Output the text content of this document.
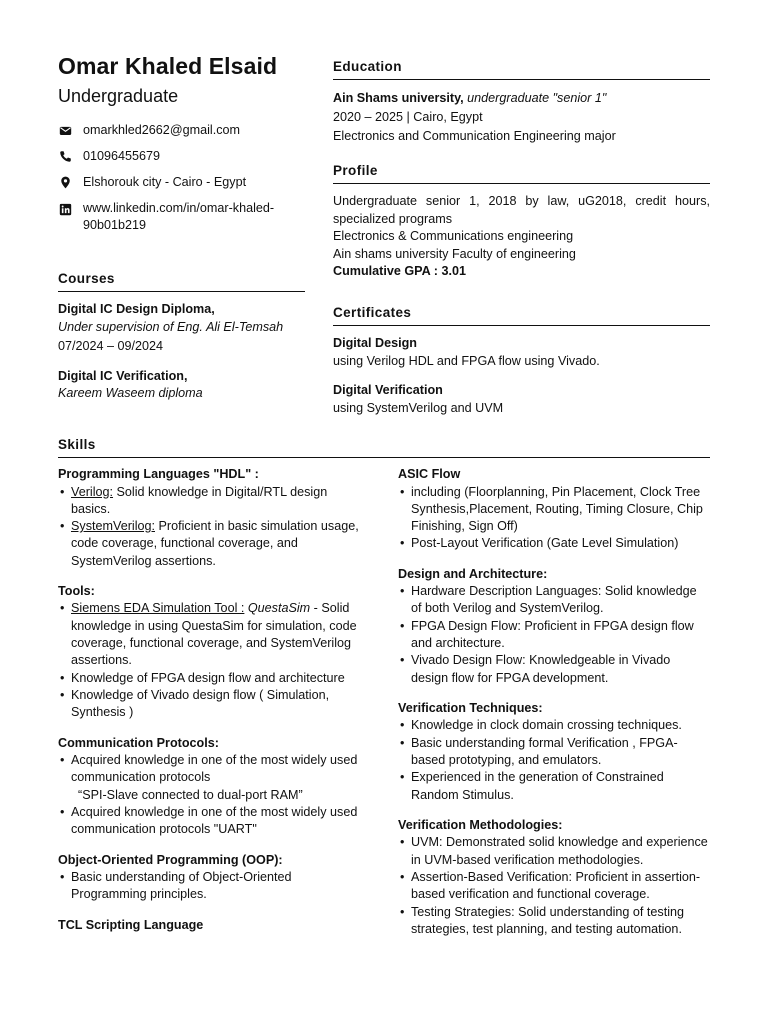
Omar Khaled Elsaid
Undergraduate
omarkhled2662@gmail.com
01096455679
Elshorouk city - Cairo - Egypt
www.linkedin.com/in/omar-khaled-
90b01b219
Courses
Digital IC Design Diploma,
Under supervision of Eng. Ali El-Temsah
07/2024 – 09/2024
Digital IC Verification,
Kareem Waseem diploma
Education
Ain Shams university, undergraduate "senior 1"
2020 – 2025 | Cairo, Egypt
Electronics and Communication Engineering major
Profile
Undergraduate senior 1, 2018 by law, uG2018, credit hours, specialized programs
Electronics & Communications engineering
Ain shams university Faculty of engineering
Cumulative GPA : 3.01
Certificates
Digital Design
using Verilog HDL and FPGA flow using Vivado.
Digital Verification
using SystemVerilog and UVM
Skills
Programming Languages "HDL" :
• Verilog: Solid knowledge in Digital/RTL design basics.
• SystemVerilog: Proficient in basic simulation usage, code coverage, functional coverage, and SystemVerilog assertions.
Tools:
• Siemens EDA Simulation Tool : QuestaSim - Solid knowledge in using QuestaSim for simulation, code coverage, functional coverage, and SystemVerilog assertions.
• Knowledge of FPGA design flow and architecture
• Knowledge of Vivado design flow ( Simulation, Synthesis )
Communication Protocols:
• Acquired knowledge in one of the most widely used communication protocols
“SPI-Slave connected to dual-port RAM”
• Acquired knowledge in one of the most widely used communication protocols "UART"
Object-Oriented Programming (OOP):
• Basic understanding of Object-Oriented Programming principles.
TCL Scripting Language
ASIC Flow
• including (Floorplanning, Pin Placement, Clock Tree Synthesis,Placement, Routing, Timing Closure, Chip Finishing, Sign Off)
• Post-Layout Verification (Gate Level Simulation)
Design and Architecture:
• Hardware Description Languages: Solid knowledge of both Verilog and SystemVerilog.
• FPGA Design Flow: Proficient in FPGA design flow and architecture.
• Vivado Design Flow: Knowledgeable in Vivado design flow for FPGA development.
Verification Techniques:
• Knowledge in clock domain crossing techniques.
• Basic understanding formal Verification , FPGA-based prototyping, and emulators.
• Experienced in the generation of Constrained Random Stimulus.
Verification Methodologies:
• UVM: Demonstrated solid knowledge and experience in UVM-based verification methodologies.
• Assertion-Based Verification: Proficient in assertion-based verification and functional coverage.
• Testing Strategies: Solid understanding of testing strategies, test planning, and testing automation.
